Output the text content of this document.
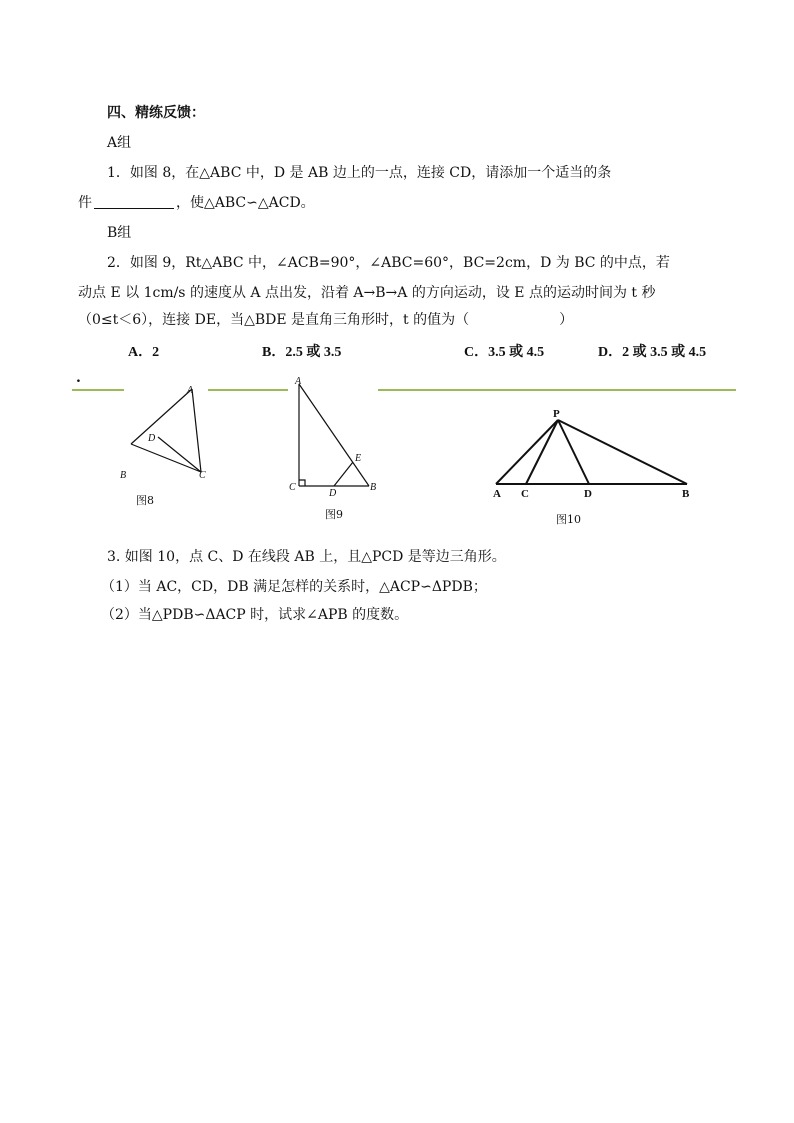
四、精练反馈：
A组
1．如图 8，在△ABC 中，D 是 AB 边上的一点，连接 CD，请添加一个适当的条
件	，使△ABC∽△ACD。
B组
2．如图 9，Rt△ABC 中，∠ACB=90°，∠ABC=60°，BC=2cm，D 为 BC 的中点，若
动点 E 以 1cm/s 的速度从 A 点出发，沿着 A→B→A 的方向运动，设 E 点的运动时间为 t 秒
（0≤t＜6），连接 DE，当△BDE 是直角三角形时，t 的值为（	）
A．2	B．2.5 或 3.5	C．3.5 或 4.5	D．2 或 3.5 或 4.5
.
A
D
B	C
图8
A
E
C
D
B
图9
P
A C	D	B
图10
3. 如图 10，点 C、D 在线段 AB 上，且△PCD 是等边三角形。
（1）当 AC，CD，DB 满足怎样的关系时，△ACP∽ΔPDB；
（2）当△PDB∽ΔACP 时，试求∠APB 的度数。
